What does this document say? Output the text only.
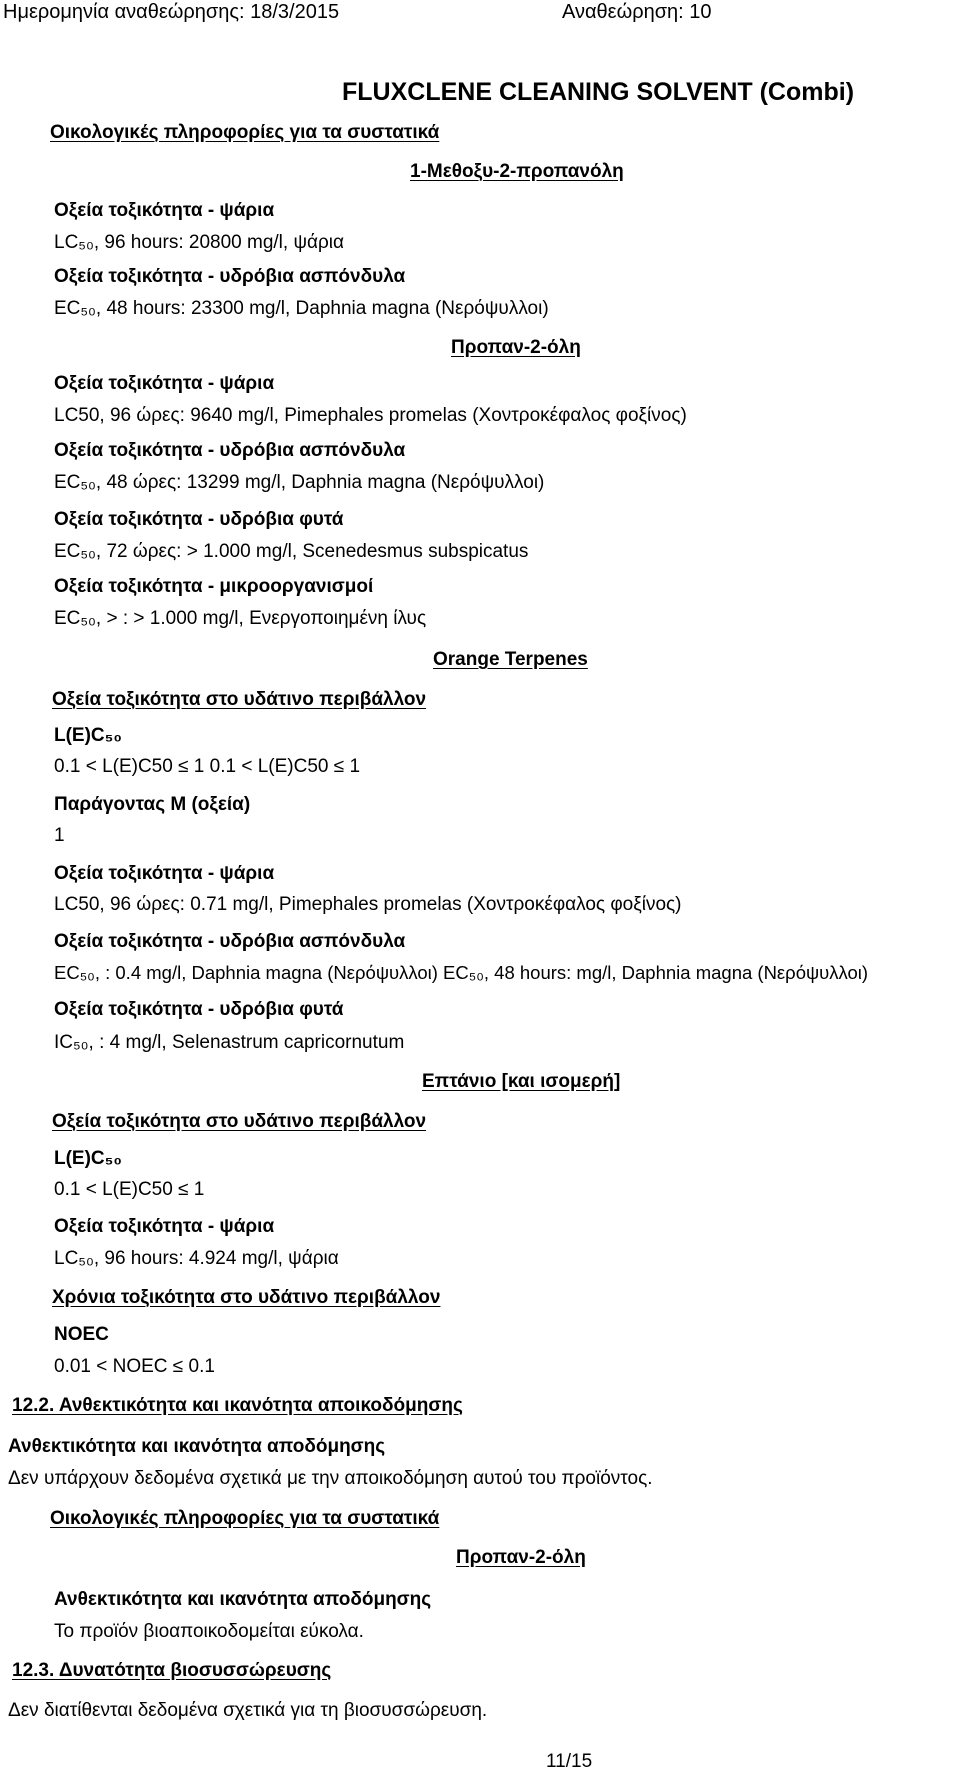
Ημερομηνία αναθεώρησης: 18/3/2015	Αναθεώρηση: 10
FLUXCLENE CLEANING SOLVENT (Combi)
Οικολογικές πληροφορίες για τα συστατικά
1-Μεθοξυ-2-προπανόλη
Οξεία τοξικότητα - ψάρια
LC₅₀, 96 hours: 20800 mg/l, ψάρια
Οξεία τοξικότητα - υδρόβια ασπόνδυλα
EC₅₀, 48 hours: 23300 mg/l, Daphnia magna (Νερόψυλλοι)
Προπαν-2-όλη
Οξεία τοξικότητα - ψάρια
LC50, 96 ώρες: 9640 mg/l, Pimephales promelas (Χοντροκέφαλος φοξίνος)
Οξεία τοξικότητα - υδρόβια ασπόνδυλα
EC₅₀, 48 ώρες: 13299 mg/l, Daphnia magna (Νερόψυλλοι)
Οξεία τοξικότητα - υδρόβια φυτά
EC₅₀, 72 ώρες: > 1.000 mg/l, Scenedesmus subspicatus
Οξεία τοξικότητα - μικροοργανισμοί
EC₅₀, > : > 1.000 mg/l, Ενεργοποιημένη ίλυς
Orange Terpenes
Οξεία τοξικότητα στο υδάτινο περιβάλλον
L(E)C₅₀
0.1 < L(E)C50 ≤ 1 0.1 < L(E)C50 ≤ 1
Παράγοντας M (οξεία)
1
Οξεία τοξικότητα - ψάρια
LC50, 96 ώρες: 0.71 mg/l, Pimephales promelas (Χοντροκέφαλος φοξίνος)
Οξεία τοξικότητα - υδρόβια ασπόνδυλα
EC₅₀, : 0.4 mg/l, Daphnia magna (Νερόψυλλοι) EC₅₀, 48 hours: mg/l, Daphnia magna (Νερόψυλλοι)
Οξεία τοξικότητα - υδρόβια φυτά
IC₅₀, : 4 mg/l, Selenastrum capricornutum
Επτάνιο [και ισομερή]
Οξεία τοξικότητα στο υδάτινο περιβάλλον
L(E)C₅₀
0.1 < L(E)C50 ≤ 1
Οξεία τοξικότητα - ψάρια
LC₅₀, 96 hours: 4.924 mg/l, ψάρια
Χρόνια τοξικότητα στο υδάτινο περιβάλλον
NOEC
0.01 < NOEC ≤ 0.1
12.2. Ανθεκτικότητα και ικανότητα αποικοδόμησης
Ανθεκτικότητα και ικανότητα αποδόμησης
Δεν υπάρχουν δεδομένα σχετικά με την αποικοδόμηση αυτού του προϊόντος.
Οικολογικές πληροφορίες για τα συστατικά
Προπαν-2-όλη
Ανθεκτικότητα και ικανότητα αποδόμησης
Το προϊόν βιοαποικοδομείται εύκολα.
12.3. Δυνατότητα βιοσυσσώρευσης
Δεν διατίθενται δεδομένα σχετικά για τη βιοσυσσώρευση.
11/15
